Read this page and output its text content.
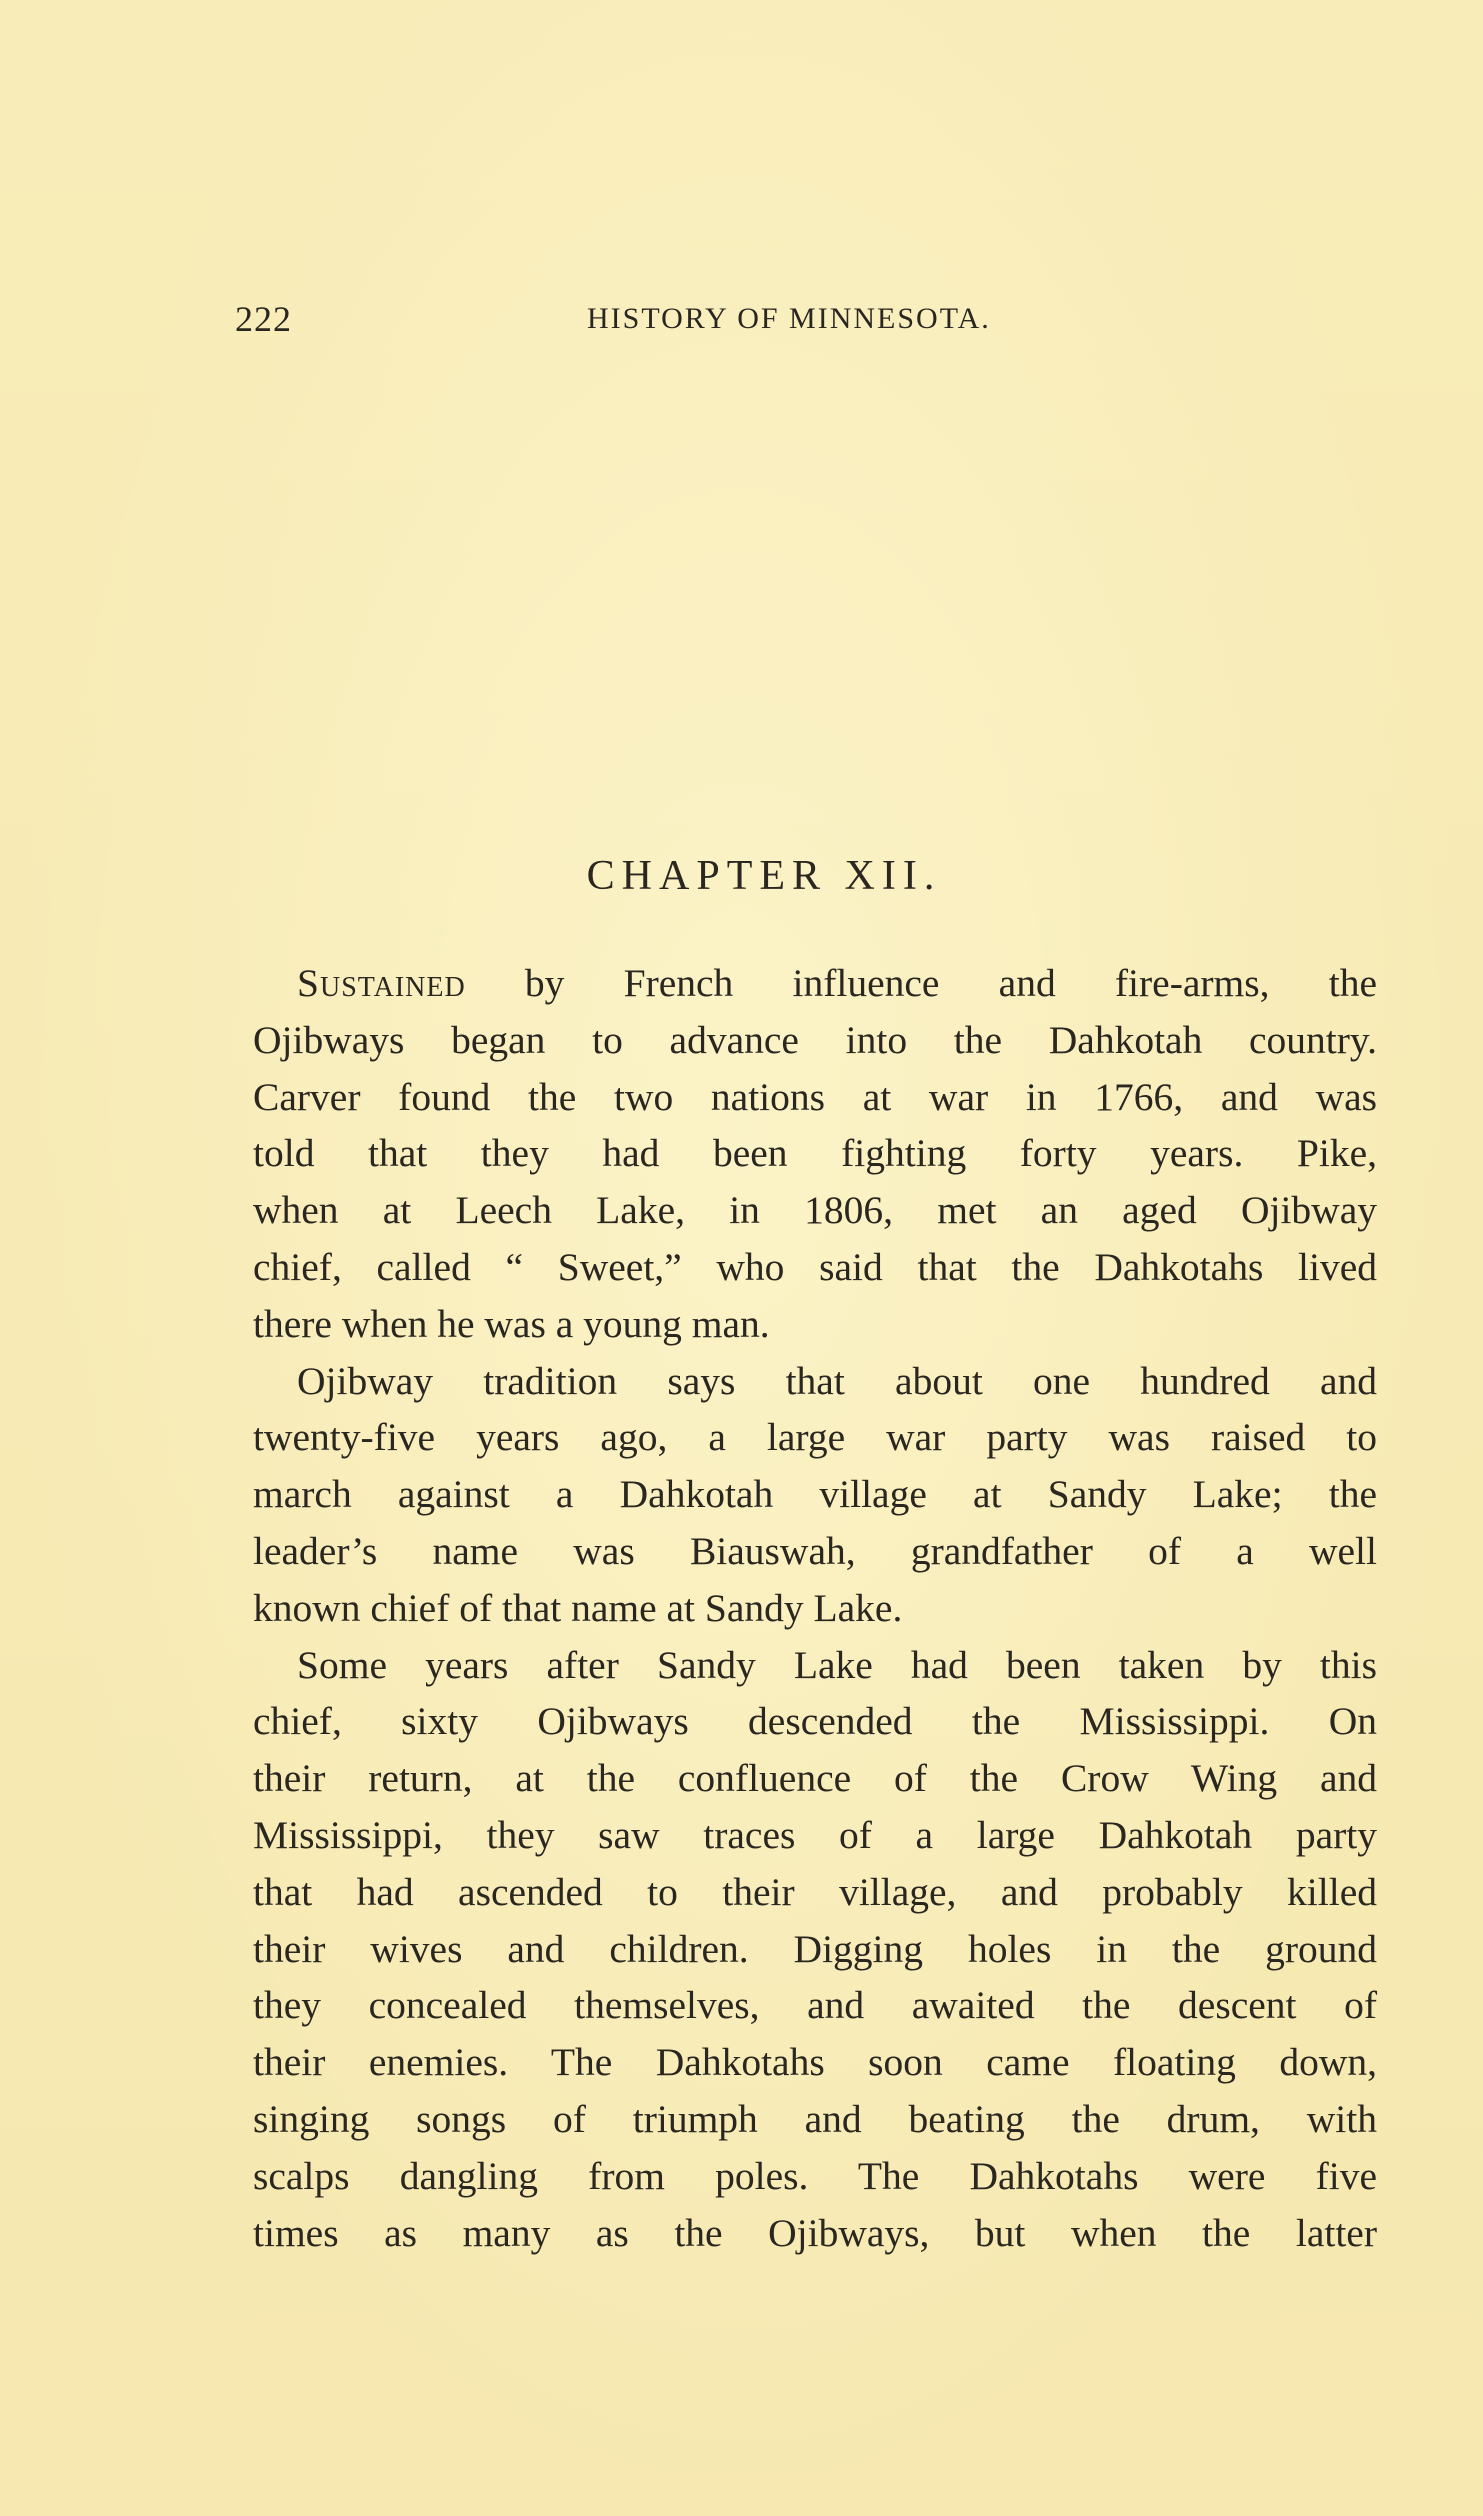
222	HISTORY OF MINNESOTA.
CHAPTER XII.
Sustained by French influence and fire-arms, the
Ojibways began to advance into the Dahkotah country.
Carver found the two nations at war in 1766, and was
told that they had been fighting forty years. Pike,
when at Leech Lake, in 1806, met an aged Ojibway
chief, called “ Sweet,” who said that the Dahkotahs lived
there when he was a young man.
Ojibway tradition says that about one hundred and
twenty-five years ago, a large war party was raised to
march against a Dahkotah village at Sandy Lake; the
leader’s name was Biauswah, grandfather of a well
known chief of that name at Sandy Lake.
Some years after Sandy Lake had been taken by this
chief, sixty Ojibways descended the Mississippi. On
their return, at the confluence of the Crow Wing and
Mississippi, they saw traces of a large Dahkotah party
that had ascended to their village, and probably killed
their wives and children. Digging holes in the ground
they concealed themselves, and awaited the descent of
their enemies. The Dahkotahs soon came floating down,
singing songs of triumph and beating the drum, with
scalps dangling from poles. The Dahkotahs were five
times as many as the Ojibways, but when the latter
